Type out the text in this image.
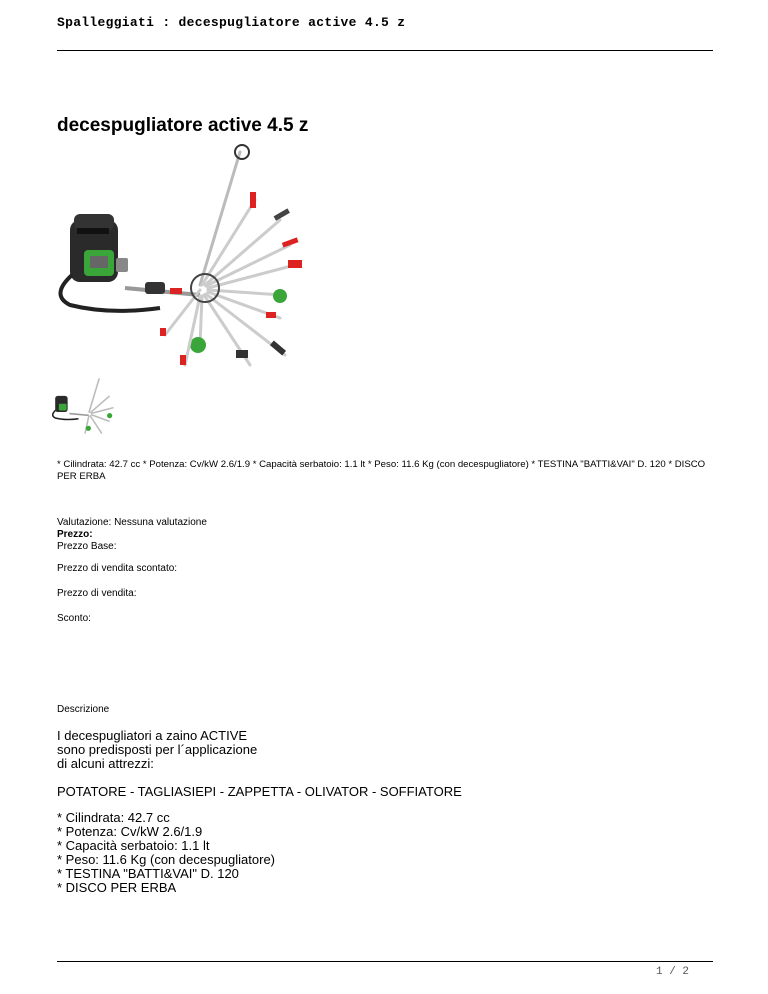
Spalleggiati : decespugliatore active 4.5 z
decespugliatore active 4.5 z
* Cilindrata: 42.7 cc * Potenza: Cv/kW 2.6/1.9 * Capacità serbatoio: 1.1 lt * Peso: 11.6 Kg (con decespugliatore) * TESTINA "BATTI&VAI" D. 120 * DISCO PER ERBA
Valutazione: Nessuna valutazione
Prezzo:
Prezzo Base:
Prezzo di vendita scontato:
Prezzo di vendita:
Sconto:
Descrizione

I decespugliatori a zaino ACTIVE

sono predisposti per l´applicazione

di alcuni attrezzi:

POTATORE - TAGLIASIEPI - ZAPPETTA - OLIVATOR - SOFFIATORE
* Cilindrata: 42.7 cc
* Potenza: Cv/kW 2.6/1.9
* Capacità serbatoio: 1.1 lt
* Peso: 11.6 Kg (con decespugliatore)
* TESTINA "BATTI&VAI" D. 120
* DISCO PER ERBA
1 / 2
